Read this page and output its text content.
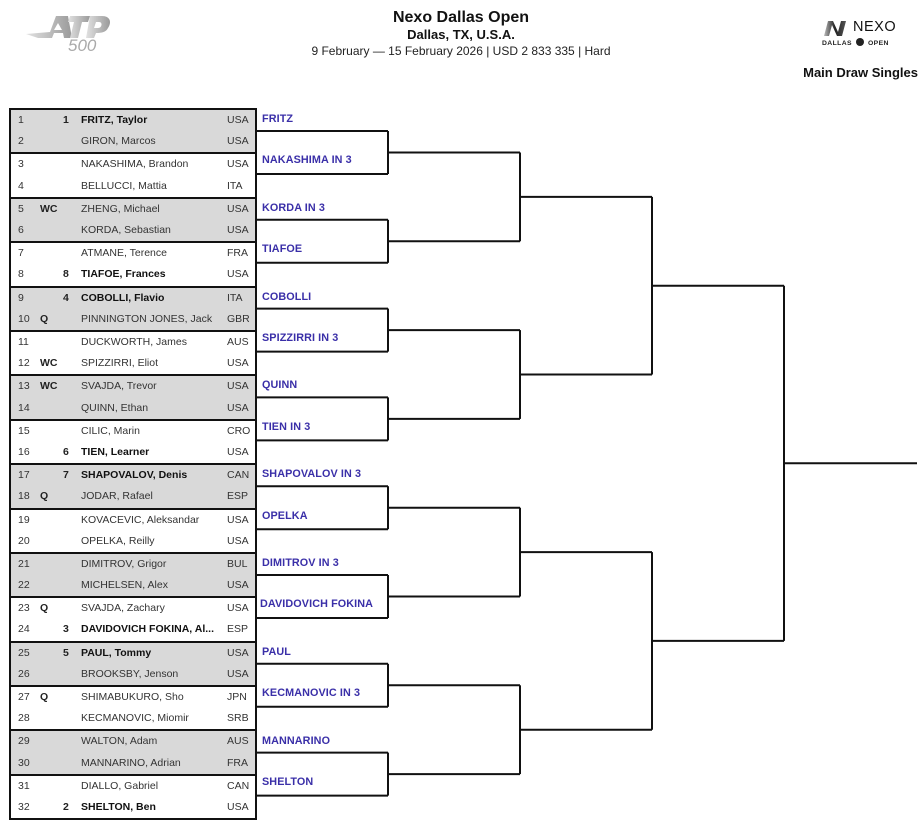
500
Nexo Dallas Open
Dallas, TX, U.S.A.
9 February — 15 February 2026 | USD 2 833 335 | Hard
NEXO
DALLAS OPEN
Main Draw Singles
1	1 FRITZ, Taylor	USA
2	GIRON, Marcos	USA
3	NAKASHIMA, Brandon	USA
4	BELLUCCI, Mattia	ITA
5 WC ZHENG, Michael	USA
6	KORDA, Sebastian	USA
7	ATMANE, Terence	FRA
8	8 TIAFOE, Frances	USA
9	4 COBOLLI, Flavio	ITA
10 Q	PINNINGTON JONES, Jack GBR
11	DUCKWORTH, James	AUS
12 WC SPIZZIRRI, Eliot	USA
13 WC SVAJDA, Trevor	USA
14	QUINN, Ethan	USA
15	CILIC, Marin	CRO
16	6 TIEN, Learner	USA
17	7 SHAPOVALOV, Denis	CAN
18 Q	JODAR, Rafael	ESP
19	KOVACEVIC, Aleksandar	USA
20	OPELKA, Reilly	USA
21	DIMITROV, Grigor	BUL
22	MICHELSEN, Alex	USA
23 Q	SVAJDA, Zachary	USA
24	3 DAVIDOVICH FOKINA, Al... ESP
25	5 PAUL, Tommy	USA
26	BROOKSBY, Jenson	USA
27 Q	SHIMABUKURO, Sho	JPN
28	KECMANOVIC, Miomir	SRB
29	WALTON, Adam	AUS
30	MANNARINO, Adrian	FRA
31	DIALLO, Gabriel	CAN
32	2 SHELTON, Ben	USA
FRITZ
NAKASHIMA IN 3
KORDA IN 3
TIAFOE
COBOLLI
SPIZZIRRI IN 3
QUINN
TIEN IN 3
SHAPOVALOV IN 3
OPELKA
DIMITROV IN 3
DAVIDOVICH FOKINA
PAUL
KECMANOVIC IN 3
MANNARINO
SHELTON
